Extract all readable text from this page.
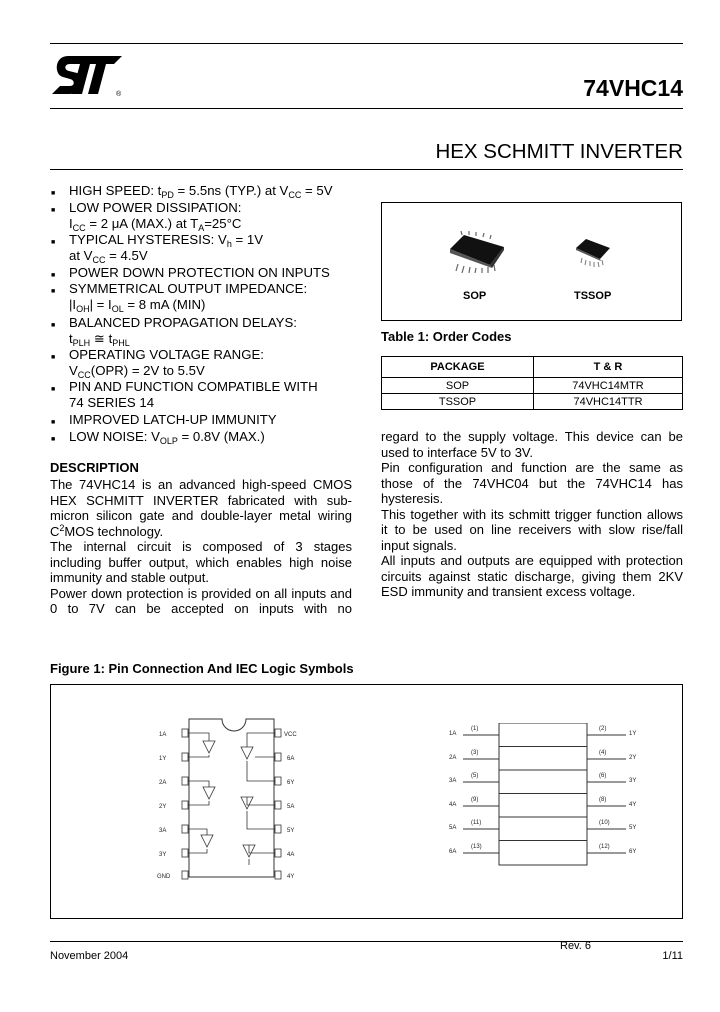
®	74VHC14
HEX SCHMITT INVERTER
■ HIGH SPEED: $t_{PD} = 5.5ns$ (TYP.) at $V_{CC} = 5V$
■ LOW POWER DISSIPATION:
$I_{CC} = 2$ μA (MAX.) at $T_A=25^\circ C$
■ TYPICAL HYSTERESIS: $V_h = 1V$
at $V_{CC} = 4.5V$
■ POWER DOWN PROTECTION ON INPUTS
■ SYMMETRICAL OUTPUT IMPEDANCE:
$|I_{OH}| = I_{OL} = 8$ mA (MIN)
■ BALANCED PROPAGATION DELAYS:
$t_{PLH}$ ≅ $t_{PHL}$
■ OPERATING VOLTAGE RANGE:
$V_{CC}(OPR) = 2V$ to 5.5V
■ PIN AND FUNCTION COMPATIBLE WITH
74 SERIES 14
■ IMPROVED LATCH-UP IMMUNITY
■ LOW NOISE: $V_{OLP} = 0.8V$ (MAX.)
DESCRIPTION

The 74VHC14 is an advanced high-speed CMOS HEX SCHMITT INVERTER fabricated with sub-micron silicon gate and double-layer metal wiring $C^2MOS$ technology.

The internal circuit is composed of 3 stages including buffer output, which enables high noise immunity and stable output.

Power down protection is provided on all inputs and 0 to 7V can be accepted on inputs with no

SOP	TSSOP
Table 1: Order Codes
PACKAGE	T & R
SOP	74VHC14MTR
TSSOP	74VHC14TTR

regard to the supply voltage. This device can be used to interface 5V to 3V.

Pin configuration and function are the same as those of the 74VHC04 but the 74VHC14 has hysteresis.

This together with its schmitt trigger function allows it to be used on line receivers with slow rise/fall input signals.

All inputs and outputs are equipped with protection circuits against static discharge, giving them 2KV ESD immunity and transient excess voltage.

Figure 1: Pin Connection And IEC Logic Symbols
1A
1Y
2A
2Y
3A
3Y
GND
VCC
6A
6Y
5A
5Y
4A
4Y
1A
2A
3A
4A
5A
6A
(1)
(3)
(5)
(9)
(11)
(13)
(2)
(4)
(6)
(8)
(10)
(12)
1Y
2Y
3Y
4Y
5Y
6Y
Rev. 6
November 2004	1/11
